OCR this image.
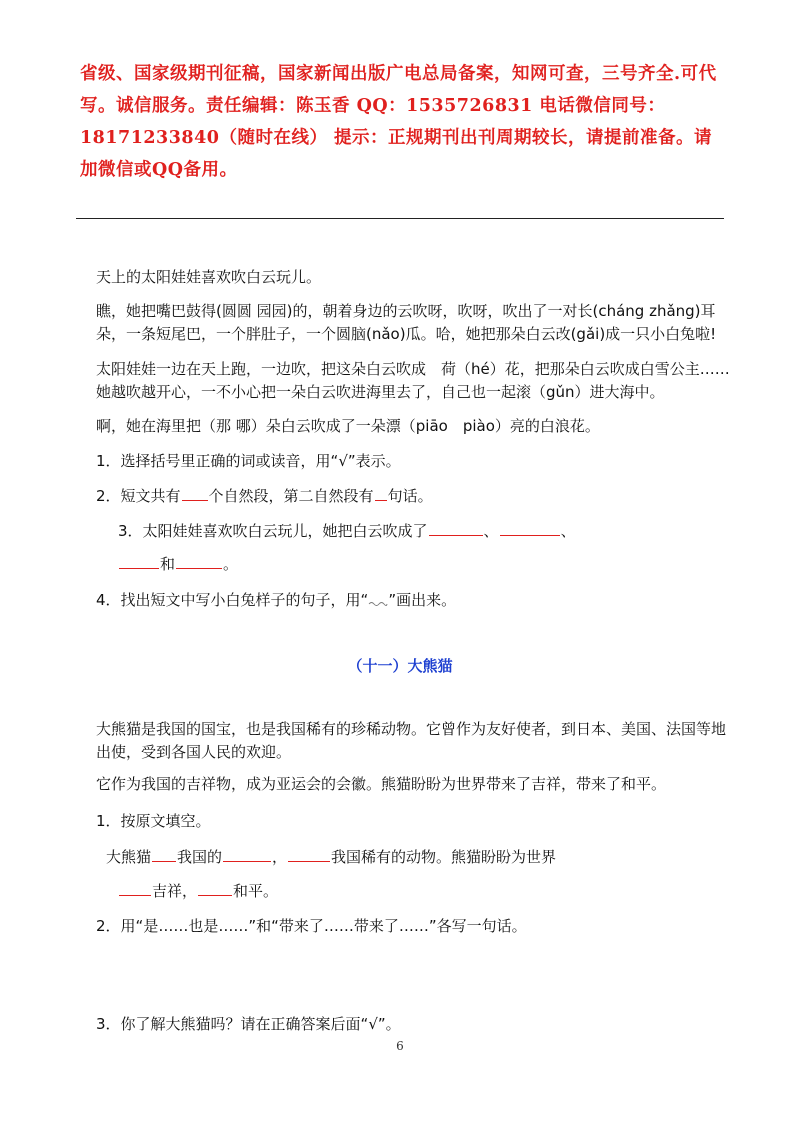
省级、国家级期刊征稿，国家新闻出版广电总局备案，知网可查，三号齐全.可代写。诚信服务。责任编辑：陈玉香 QQ：1535726831 电话微信同号：18171233840（随时在线） 提示：正规期刊出刊周期较长，请提前准备。请加微信或QQ备用。
天上的太阳娃娃喜欢吹白云玩儿。
瞧，她把嘴巴鼓得(圆圆 园园)的，朝着身边的云吹呀，吹呀，吹出了一对长(cháng zhǎng)耳朵，一条短尾巴，一个胖肚子，一个圆脑(nǎo)瓜。哈，她把那朵白云改(gǎi)成一只小白兔啦!
太阳娃娃一边在天上跑，一边吹，把这朵白云吹成　荷（hé）花，把那朵白云吹成白雪公主……她越吹越开心，一不小心把一朵白云吹进海里去了，自己也一起滚（gǔn）进大海中。
啊，她在海里把（那 哪）朵白云吹成了一朵漂（piāo　piào）亮的白浪花。
1．选择括号里正确的词或读音，用“√”表示。
2．短文共有 个自然段，第二自然段有 句话。
3．太阳娃娃喜欢吹白云玩儿，她把白云吹成了	、	、
和	。
4．找出短文中写小白兔样子的句子，用“ ”画出来。
（十一）大熊猫
大熊猫是我国的国宝，也是我国稀有的珍稀动物。它曾作为友好使者，到日本、美国、法国等地出使，受到各国人民的欢迎。
它作为我国的吉祥物，成为亚运会的会徽。熊猫盼盼为世界带来了吉祥，带来了和平。
1．按原文填空。
大熊猫 我国的	，	我国稀有的动物。熊猫盼盼为世界
吉祥， 和平。
2．用“是……也是……”和“带来了……带来了……”各写一句话。
3．你了解大熊猫吗？请在正确答案后面“√”。
6
